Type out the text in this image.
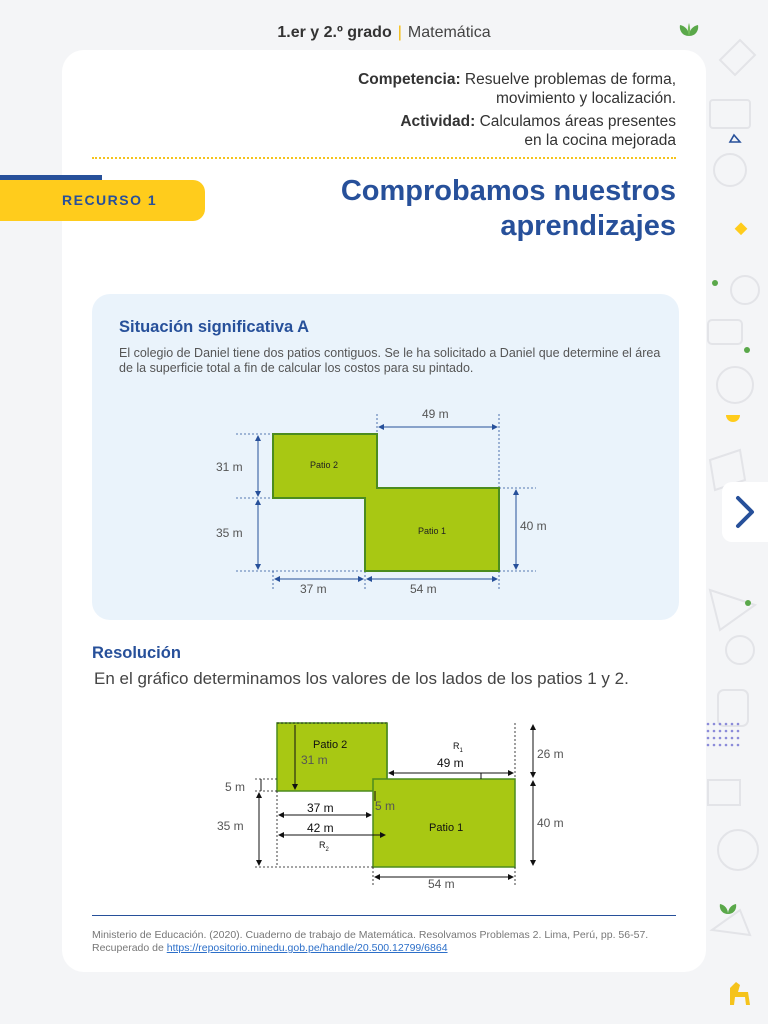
1.er y 2.º grado | Matemática
Competencia: Resuelve problemas de forma,
movimiento y localización.
Actividad: Calculamos áreas presentes
en la cocina mejorada
RECURSO 1	Comprobamos nuestros
aprendizajes
Situación significativa A

El colegio de Daniel tiene dos patios contiguos. Se le ha solicitado a Daniel que determine el área de la superficie total a fin de calcular los costos para su pintado.

Patio 2
Patio 1
49 m
31 m
35 m	40 m
37 m	54 m
Resolución
En el gráfico determinamos los valores de los lados de los patios 1 y 2.
Patio 2
31 m
$R_1$
49 m
26 m
5 m
5 m
37 m
42 m
$R_2$
35 m	Patio 1	40 m
54 m
Ministerio de Educación. (2020). Cuaderno de trabajo de Matemática. Resolvamos Problemas 2. Lima, Perú, pp. 56-57. Recuperado de https://repositorio.minedu.gob.pe/handle/20.500.12799/6864
